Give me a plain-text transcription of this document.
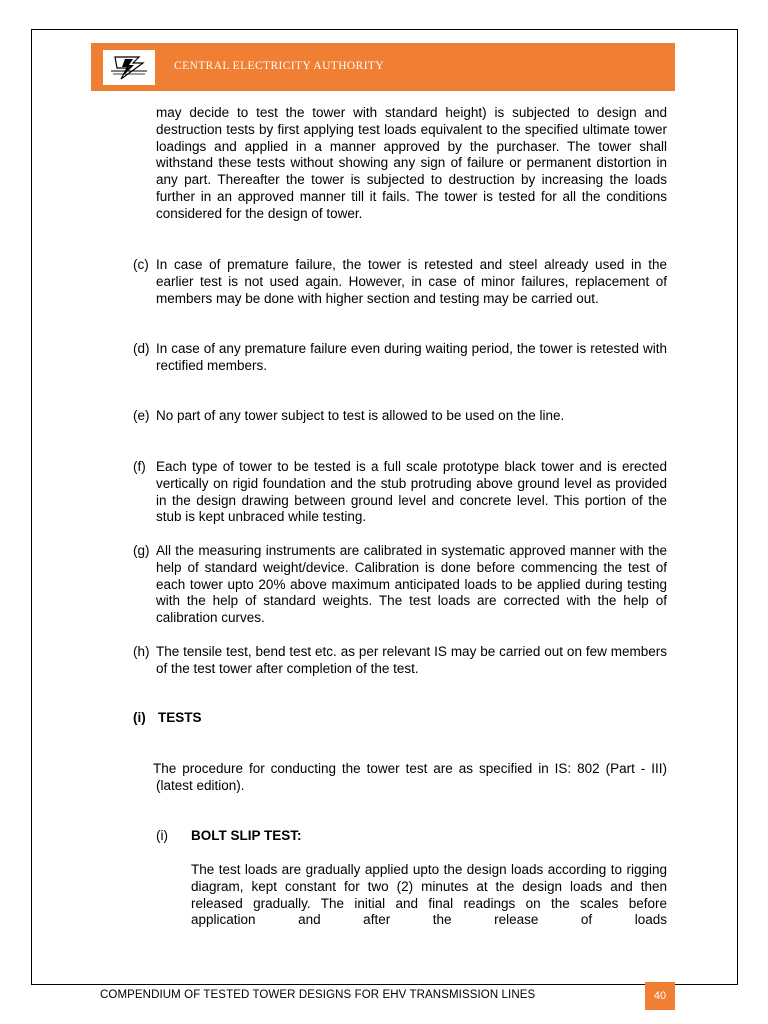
CENTRAL ELECTRICITY AUTHORITY
may decide to test the tower with standard height) is subjected to design and destruction tests by first applying test loads equivalent to the specified ultimate tower loadings and applied in a manner approved by the purchaser. The tower shall withstand these tests without showing any sign of failure or permanent distortion in any part. Thereafter the tower is subjected to destruction by increasing the loads further in an approved manner till it fails. The tower is tested for all the conditions considered for the design of tower.
(c) In case of premature failure, the tower is retested and steel already used in the earlier test is not used again. However, in case of minor failures, replacement of members may be done with higher section and testing may be carried out.
(d) In case of any premature failure even during waiting period, the tower is retested with rectified members.
(e) No part of any tower subject to test is allowed to be used on the line.
(f) Each type of tower to be tested is a full scale prototype black tower and is erected vertically on rigid foundation and the stub protruding above ground level as provided in the design drawing between ground level and concrete level. This portion of the stub is kept unbraced while testing.
(g) All the measuring instruments are calibrated in systematic approved manner with the help of standard weight/device. Calibration is done before commencing the test of each tower upto 20% above maximum anticipated loads to be applied during testing with the help of standard weights. The test loads are corrected with the help of calibration curves.
(h) The tensile test, bend test etc. as per relevant IS may be carried out on few members of the test tower after completion of the test.
(i) TESTS
The procedure for conducting the tower test are as specified in IS: 802 (Part - III) (latest edition).
(i) BOLT SLIP TEST:
The test loads are gradually applied upto the design loads according to rigging diagram, kept constant for two (2) minutes at the design loads and then released gradually. The initial and final readings on the scales before application and after the release of loads
COMPENDIUM OF TESTED TOWER DESIGNS FOR EHV TRANSMISSION LINES	40
